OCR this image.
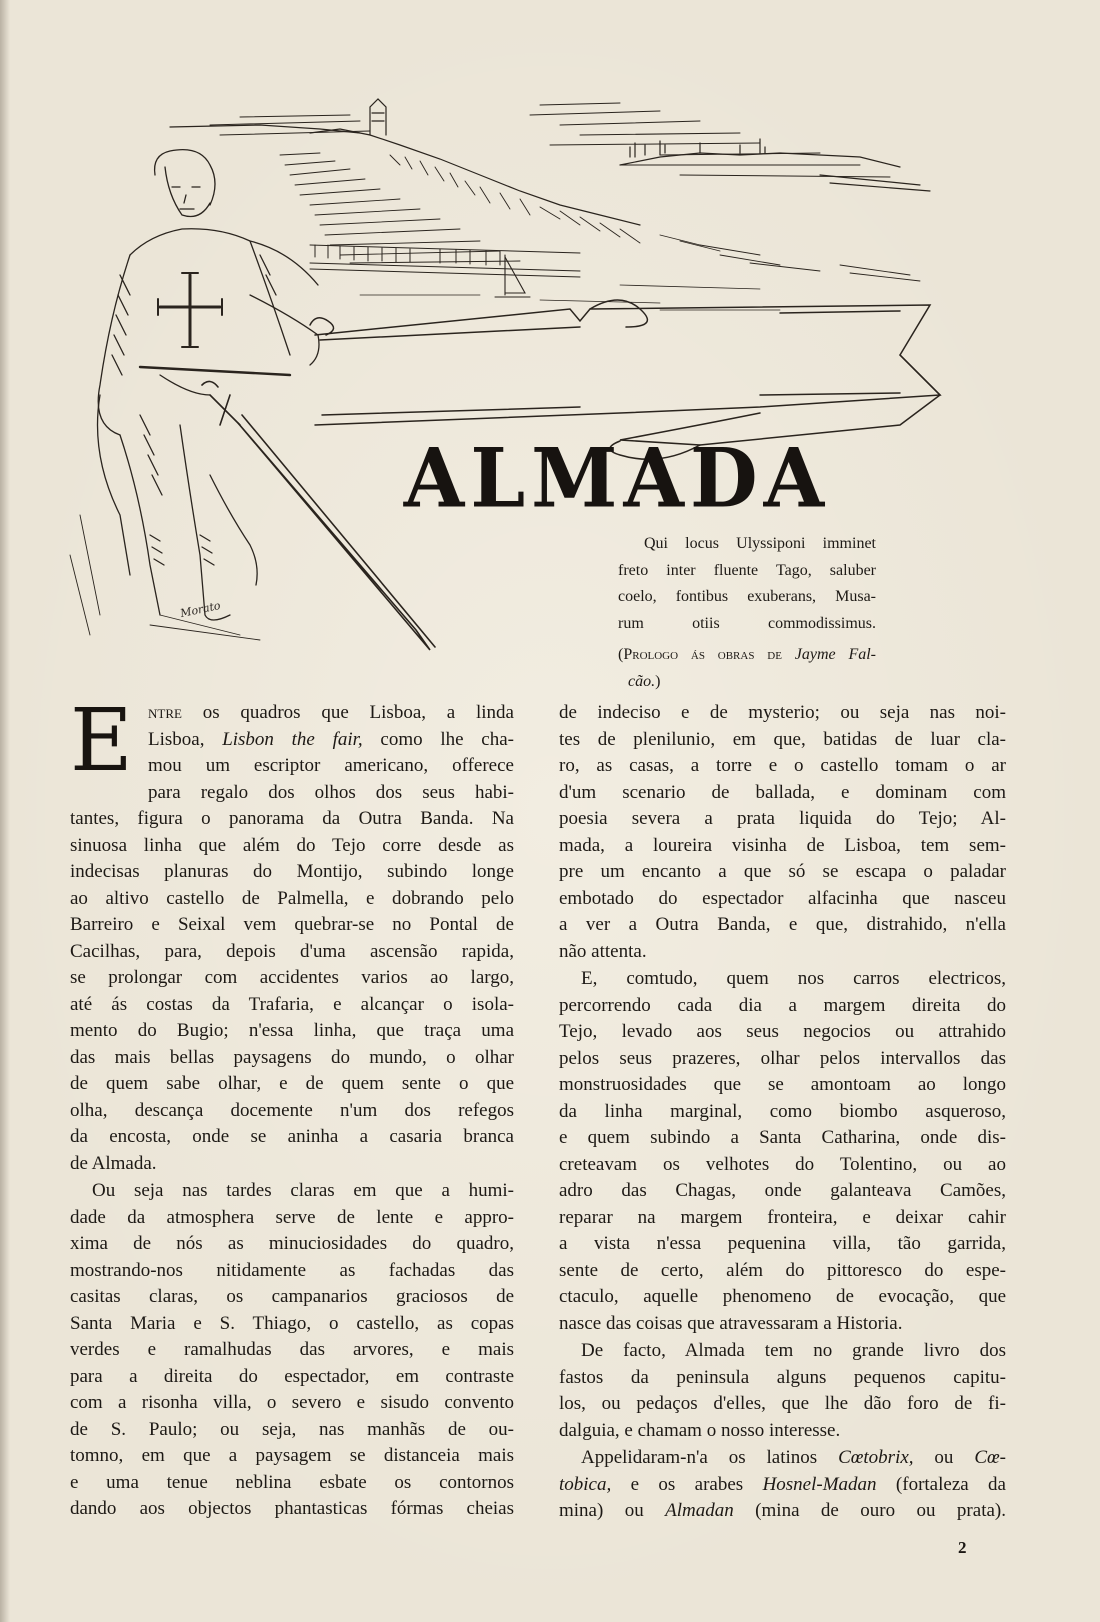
ALMADA
Morato
Qui locus Ulyssiponi imminet
freto inter fluente Tago, saluber
coelo, fontibus exuberans, Musa-
rum otiis commodissimus.
(Prologo ás obras de Jayme Fal-
cão.)
E ntre os quadros que Lisboa, a linda
Lisboa, Lisbon the fair, como lhe cha-
mou um escriptor americano, offerece
para regalo dos olhos dos seus habi-
tantes, figura o panorama da Outra Banda. Na
sinuosa linha que além do Tejo corre desde as
indecisas planuras do Montijo, subindo longe
ao altivo castello de Palmella, e dobrando pelo
Barreiro e Seixal vem quebrar-se no Pontal de
Cacilhas, para, depois d'uma ascensão rapida,
se prolongar com accidentes varios ao largo,
até ás costas da Trafaria, e alcançar o isola-
mento do Bugio; n'essa linha, que traça uma
das mais bellas paysagens do mundo, o olhar
de quem sabe olhar, e de quem sente o que
olha, descança docemente n'um dos refegos
da encosta, onde se aninha a casaria branca
de Almada.
Ou seja nas tardes claras em que a humi-
dade da atmosphera serve de lente e appro-
xima de nós as minuciosidades do quadro,
mostrando-nos nitidamente as fachadas das
casitas claras, os campanarios graciosos de
Santa Maria e S. Thiago, o castello, as copas
verdes e ramalhudas das arvores, e mais
para a direita do espectador, em contraste
com a risonha villa, o severo e sisudo convento
de S. Paulo; ou seja, nas manhãs de ou-
tomno, em que a paysagem se distanceia mais
e uma tenue neblina esbate os contornos
dando aos objectos phantasticas fórmas cheias
de indeciso e de mysterio; ou seja nas noi-
tes de plenilunio, em que, batidas de luar cla-
ro, as casas, a torre e o castello tomam o ar
d'um scenario de ballada, e dominam com
poesia severa a prata liquida do Tejo; Al-
mada, a loureira visinha de Lisboa, tem sem-
pre um encanto a que só se escapa o paladar
embotado do espectador alfacinha que nasceu
a ver a Outra Banda, e que, distrahido, n'ella
não attenta.
E, comtudo, quem nos carros electricos,
percorrendo cada dia a margem direita do
Tejo, levado aos seus negocios ou attrahido
pelos seus prazeres, olhar pelos intervallos das
monstruosidades que se amontoam ao longo
da linha marginal, como biombo asqueroso,
e quem subindo a Santa Catharina, onde dis-
creteavam os velhotes do Tolentino, ou ao
adro das Chagas, onde galanteava Camões,
reparar na margem fronteira, e deixar cahir
a vista n'essa pequenina villa, tão garrida,
sente de certo, além do pittoresco do espe-
ctaculo, aquelle phenomeno de evocação, que
nasce das coisas que atravessaram a Historia.
De facto, Almada tem no grande livro dos
fastos da peninsula alguns pequenos capitu-
los, ou pedaços d'elles, que lhe dão foro de fi-
dalguia, e chamam o nosso interesse.
Appelidaram-n'a os latinos Cœtobrix, ou Cœ-
tobica, e os arabes Hosnel-Madan (fortaleza da
mina) ou Almadan (mina de ouro ou prata).
2
